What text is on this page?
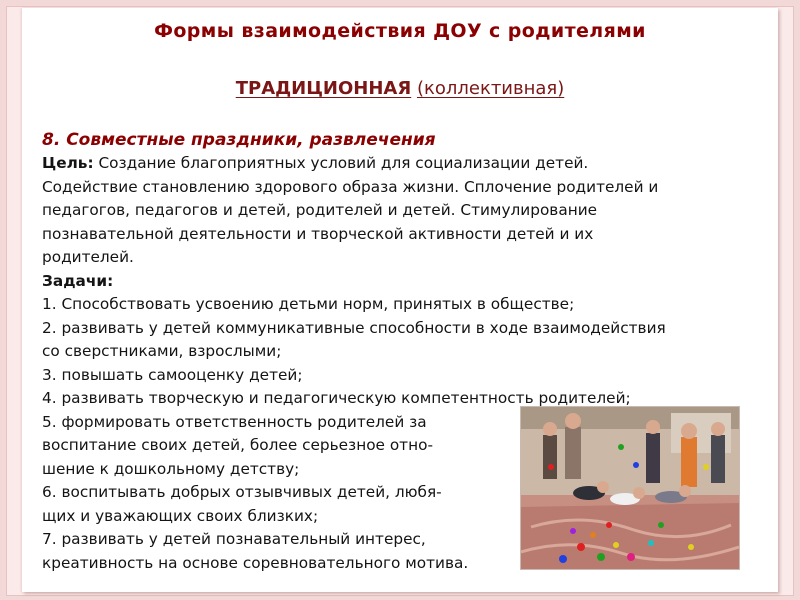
Формы взаимодействия ДОУ с родителями
ТРАДИЦИОННАЯ (коллективная)
8. Совместные праздники, развлечения
Цель: Создание благоприятных условий для социализации детей.
Содействие становлению здорового образа жизни. Сплочение родителей и
педагогов, педагогов и детей, родителей и детей. Стимулирование
познавательной деятельности и творческой активности детей и их
родителей.
Задачи:
1. Способствовать усвоению детьми норм, принятых в обществе;
2. развивать у детей коммуникативные способности в ходе взаимодействия
со сверстниками, взрослыми;
3. повышать самооценку детей;
4. развивать творческую и педагогическую компетентность родителей;
5. формировать ответственность родителей за
воспитание своих детей, более серьезное отно-
шение к дошкольному детству;
6. воспитывать добрых отзывчивых детей, любя-
щих и уважающих своих близких;
7. развивать у детей познавательный интерес,
креативность на основе соревновательного мотива.
